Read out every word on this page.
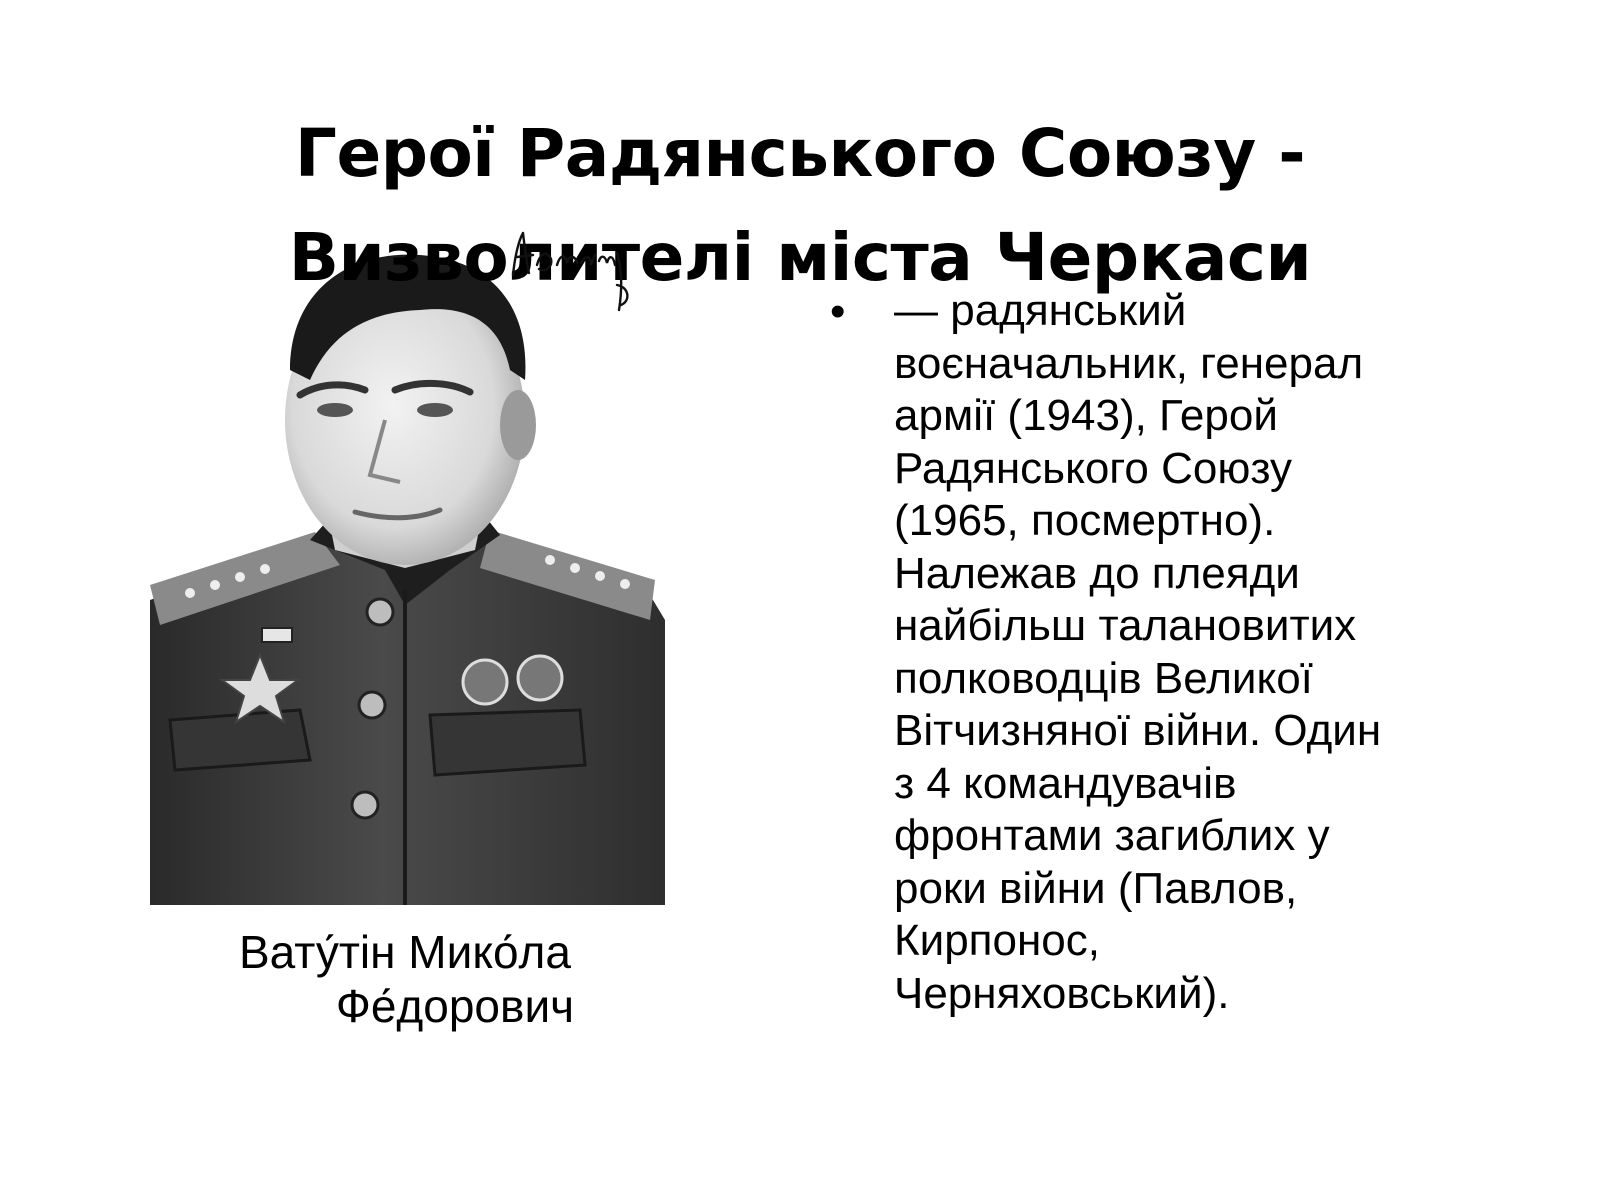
Герої Радянського Союзу -
Визволителі міста Черкаси
Вату́тін Мико́ла
Фе́дорович
• — радянський
воєначальник, генерал
армії (1943), Герой
Радянського Союзу
(1965, посмертно).
Належав до плеяди
найбільш талановитих
полководців Великої
Вітчизняної війни. Один
з 4 командувачів
фронтами загиблих у
роки війни (Павлов,
Кирпонос,
Черняховський).
